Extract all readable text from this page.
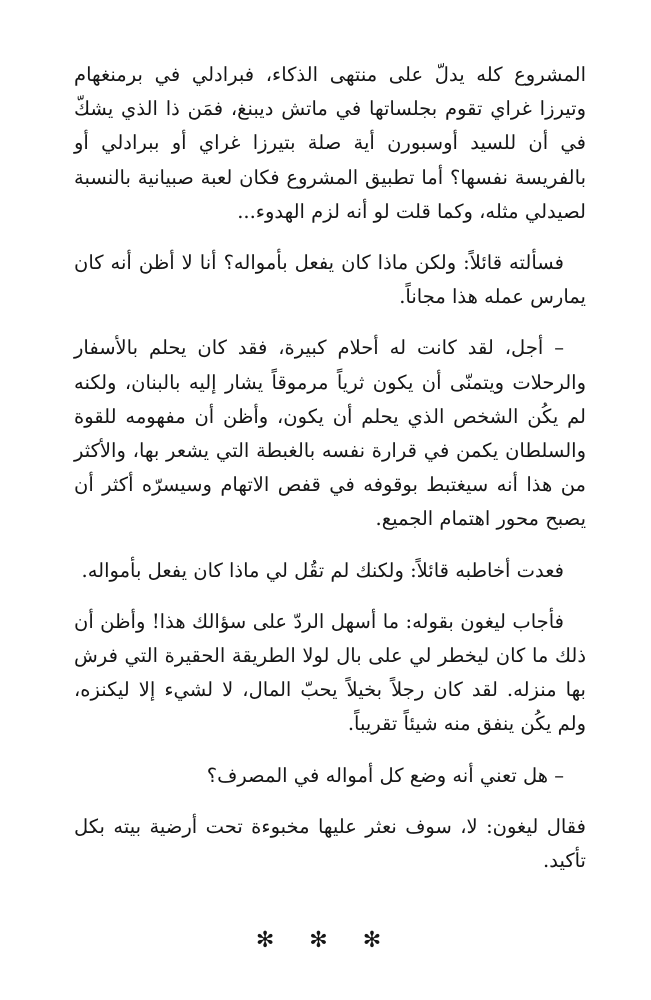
المشروع كله يدلّ على منتهى الذكاء، فبرادلي في برمنغهام وتيرزا غراي تقوم بجلساتها في ماتش ديبنغ، فمَن ذا الذي يشكّ في أن للسيد أوسبورن أية صلة بتيرزا غراي أو ببرادلي أو بالفريسة نفسها؟ أما تطبيق المشروع فكان لعبة صبيانية بالنسبة لصيدلي مثله، وكما قلت لو أنه لزم الهدوء...

فسألته قائلاً: ولكن ماذا كان يفعل بأمواله؟ أنا لا أظن أنه كان يمارس عمله هذا مجاناً.

– أجل، لقد كانت له أحلام كبيرة، فقد كان يحلم بالأسفار والرحلات ويتمنّى أن يكون ثرياً مرموقاً يشار إليه بالبنان، ولكنه لم يكُن الشخص الذي يحلم أن يكون، وأظن أن مفهومه للقوة والسلطان يكمن في قرارة نفسه بالغبطة التي يشعر بها، والأكثر من هذا أنه سيغتبط بوقوفه في قفص الاتهام وسيسرّه أكثر أن يصبح محور اهتمام الجميع.

فعدت أخاطبه قائلاً: ولكنك لم تقُل لي ماذا كان يفعل بأمواله.

فأجاب ليغون بقوله: ما أسهل الردّ على سؤالك هذا! وأظن أن ذلك ما كان ليخطر لي على بال لولا الطريقة الحقيرة التي فرش بها منزله. لقد كان رجلاً بخيلاً يحبّ المال، لا لشيء إلا ليكنزه، ولم يكُن ينفق منه شيئاً تقريباً.

– هل تعني أنه وضع كل أمواله في المصرف؟

فقال ليغون: لا، سوف نعثر عليها مخبوءة تحت أرضية بيته بكل تأكيد.

✻ ✻ ✻
